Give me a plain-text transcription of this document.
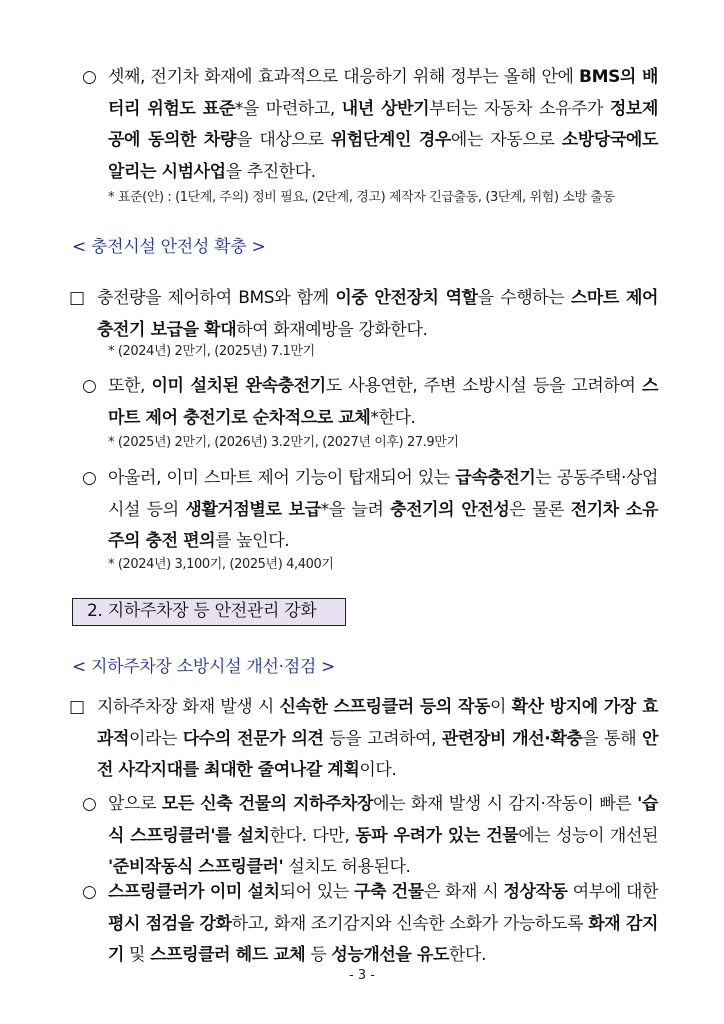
○ 셋째, 전기차 화재에 효과적으로 대응하기 위해 정부는 올해 안에 BMS의 배터리 위험도 표준*을 마련하고, 내년 상반기부터는 자동차 소유주가 정보제공에 동의한 차량을 대상으로 위험단계인 경우에는 자동으로 소방당국에도 알리는 시범사업을 추진한다.
* 표준(안) : (1단계, 주의) 정비 필요, (2단계, 경고) 제작자 긴급출동, (3단계, 위험) 소방 출동
< 충전시설 안전성 확충 >
□ 충전량을 제어하여 BMS와 함께 이중 안전장치 역할을 수행하는 스마트 제어 충전기 보급을 확대하여 화재예방을 강화한다.
* (2024년) 2만기, (2025년) 7.1만기
○ 또한, 이미 설치된 완속충전기도 사용연한, 주변 소방시설 등을 고려하여 스마트 제어 충전기로 순차적으로 교체*한다.
* (2025년) 2만기, (2026년) 3.2만기, (2027년 이후) 27.9만기
○ 아울러, 이미 스마트 제어 기능이 탑재되어 있는 급속충전기는 공동주택·상업시설 등의 생활거점별로 보급*을 늘려 충전기의 안전성은 물론 전기차 소유주의 충전 편의를 높인다.
* (2024년) 3,100기, (2025년) 4,400기
2. 지하주차장 등 안전관리 강화
< 지하주차장 소방시설 개선·점검 >
□ 지하주차장 화재 발생 시 신속한 스프링클러 등의 작동이 확산 방지에 가장 효과적이라는 다수의 전문가 의견 등을 고려하여, 관련장비 개선·확충을 통해 안전 사각지대를 최대한 줄여나갈 계획이다.
○ 앞으로 모든 신축 건물의 지하주차장에는 화재 발생 시 감지·작동이 빠른 '습식 스프링클러'를 설치한다. 다만, 동파 우려가 있는 건물에는 성능이 개선된 '준비작동식 스프링클러' 설치도 허용된다.
○ 스프링클러가 이미 설치되어 있는 구축 건물은 화재 시 정상작동 여부에 대한 평시 점검을 강화하고, 화재 조기감지와 신속한 소화가 가능하도록 화재 감지기 및 스프링클러 헤드 교체 등 성능개선을 유도한다.
- 3 -
